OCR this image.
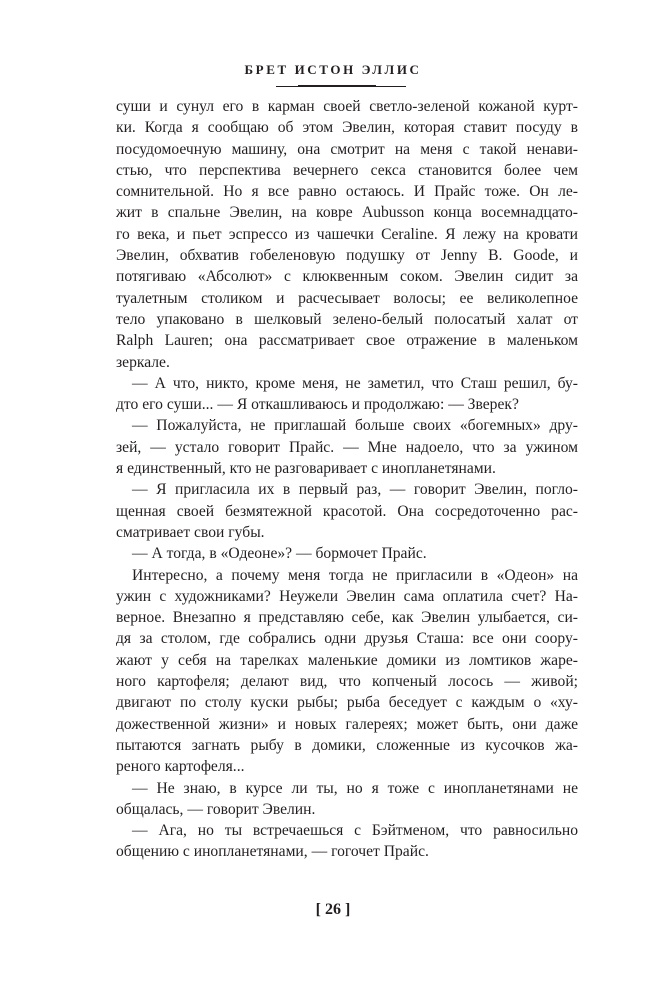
БРЕТ ИСТОН ЭЛЛИС
суши и сунул его в карман своей светло-зеленой кожаной курт-
ки. Когда я сообщаю об этом Эвелин, которая ставит посуду в
посудомоечную машину, она смотрит на меня с такой ненави-
стью, что перспектива вечернего секса становится более чем
сомнительной. Но я все равно остаюсь. И Прайс тоже. Он ле-
жит в спальне Эвелин, на ковре Aubusson конца восемнадцато-
го века, и пьет эспрессо из чашечки Ceraline. Я лежу на кровати
Эвелин, обхватив гобеленовую подушку от Jenny B. Goode, и
потягиваю «Абсолют» с клюквенным соком. Эвелин сидит за
туалетным столиком и расчесывает волосы; ее великолепное
тело упаковано в шелковый зелено-белый полосатый халат от
Ralph Lauren; она рассматривает свое отражение в маленьком
зеркале.
— А что, никто, кроме меня, не заметил, что Сташ решил, бу-
дто его суши... — Я откашливаюсь и продолжаю: — Зверек?
— Пожалуйста, не приглашай больше своих «богемных» дру-
зей, — устало говорит Прайс. — Мне надоело, что за ужином
я единственный, кто не разговаривает с инопланетянами.
— Я пригласила их в первый раз, — говорит Эвелин, погло-
щенная своей безмятежной красотой. Она сосредоточенно рас-
сматривает свои губы.
— А тогда, в «Одеоне»? — бормочет Прайс.
Интересно, а почему меня тогда не пригласили в «Одеон» на
ужин с художниками? Неужели Эвелин сама оплатила счет? На-
верное. Внезапно я представляю себе, как Эвелин улыбается, си-
дя за столом, где собрались одни друзья Сташа: все они соору-
жают у себя на тарелках маленькие домики из ломтиков жаре-
ного картофеля; делают вид, что копченый лосось — живой;
двигают по столу куски рыбы; рыба беседует с каждым о «ху-
дожественной жизни» и новых галереях; может быть, они даже
пытаются загнать рыбу в домики, сложенные из кусочков жа-
реного картофеля...
— Не знаю, в курсе ли ты, но я тоже с инопланетянами не
общалась, — говорит Эвелин.
— Ага, но ты встречаешься с Бэйтменом, что равносильно
общению с инопланетянами, — гогочет Прайс.
[ 26 ]
